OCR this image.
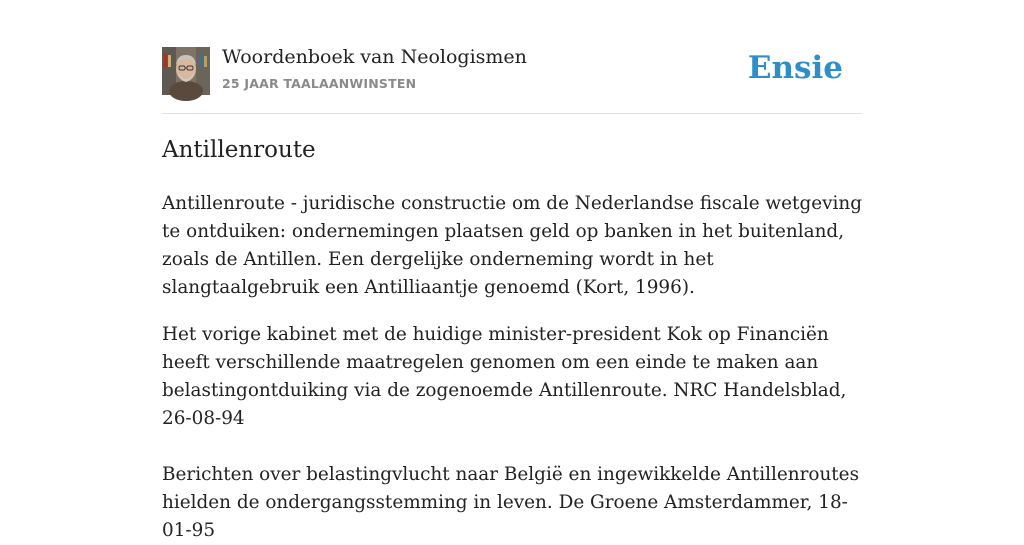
Woordenboek van Neologismen
25 JAAR TAALAANWINSTEN	Ensie
Antillenroute

Antillenroute - juridische constructie om de Nederlandse fiscale wetgeving te ontduiken: ondernemingen plaatsen geld op banken in het buitenland, zoals de Antillen. Een dergelijke onderneming wordt in het slangtaalgebruik een Antilliaantje genoemd (Kort, 1996).

Het vorige kabinet met de huidige minister-president Kok op Financiën heeft verschillende maatregelen genomen om een einde te maken aan belastingontduiking via de zogenoemde Antillenroute. NRC Handelsblad, 26-08-94

Berichten over belastingvlucht naar België en ingewikkelde Antillenroutes hielden de ondergangsstemming in leven. De Groene Amsterdammer, 18-01-95
